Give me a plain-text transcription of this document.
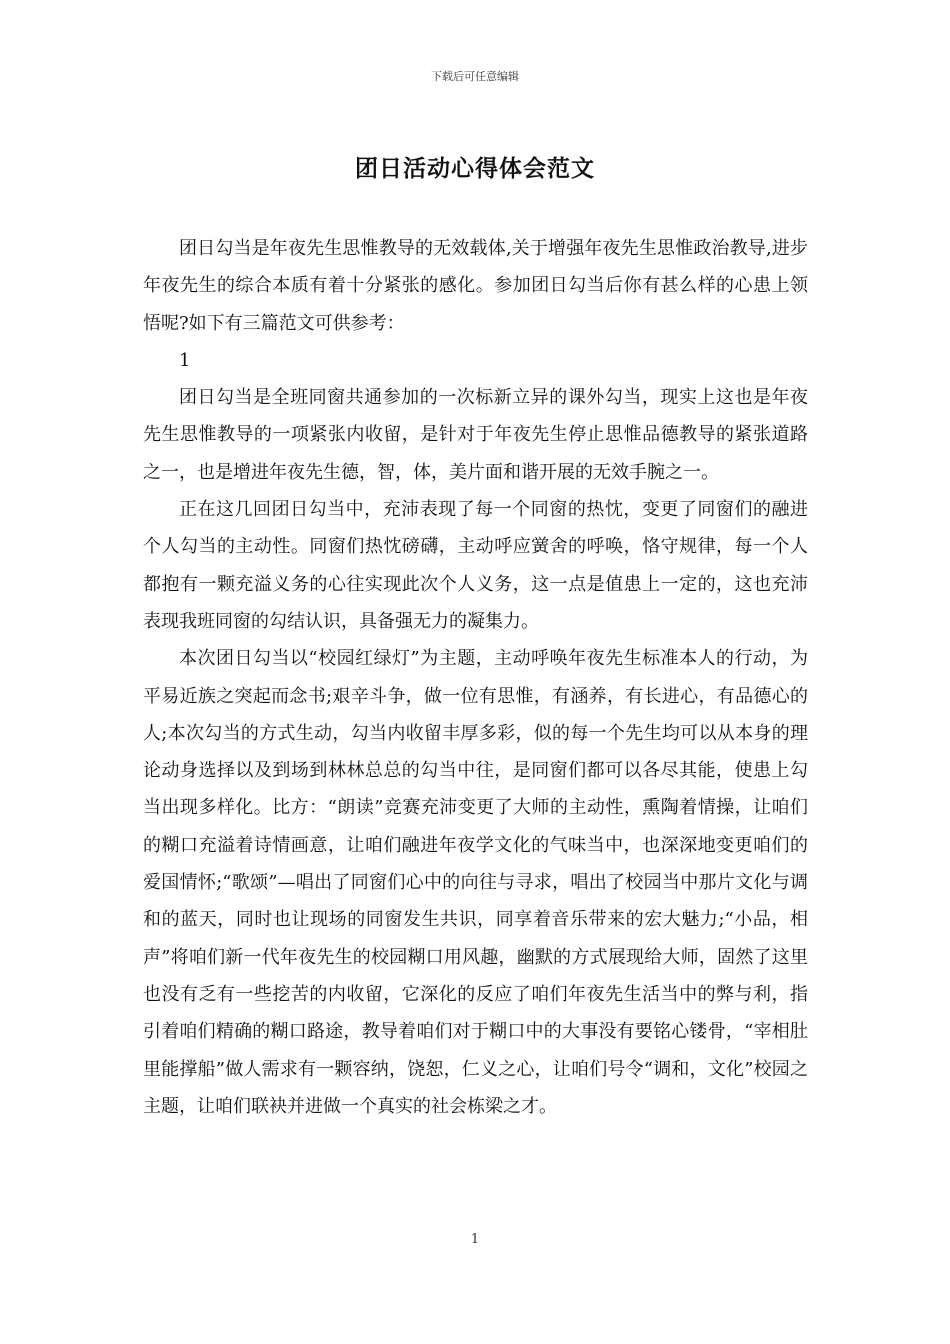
下载后可任意编辑
团日活动心得体会范文

团日勾当是年夜先生思惟教导的无效载体,关于增强年夜先生思惟政治教导,进步年夜先生的综合本质有着十分紧张的感化。参加团日勾当后你有甚么样的心患上领悟呢?如下有三篇范文可供参考：

1

团日勾当是全班同窗共通参加的一次标新立异的课外勾当，现实上这也是年夜先生思惟教导的一项紧张内收留，是针对于年夜先生停止思惟品德教导的紧张道路之一，也是增进年夜先生德，智，体，美片面和谐开展的无效手腕之一。

正在这几回团日勾当中，充沛表现了每一个同窗的热忱，变更了同窗们的融进个人勾当的主动性。同窗们热忱磅礴，主动呼应黉舍的呼唤，恪守规律，每一个人都抱有一颗充溢义务的心往实现此次个人义务，这一点是值患上一定的，这也充沛表现我班同窗的勾结认识，具备强无力的凝集力。

本次团日勾当以“校园红绿灯”为主题，主动呼唤年夜先生标准本人的行动，为平易近族之突起而念书;艰辛斗争，做一位有思惟，有涵养，有长进心，有品德心的人;本次勾当的方式生动，勾当内收留丰厚多彩，似的每一个先生均可以从本身的理论动身选择以及到场到林林总总的勾当中往，是同窗们都可以各尽其能，使患上勾当出现多样化。比方：“朗读”竞赛充沛变更了大师的主动性，熏陶着情操，让咱们的糊口充溢着诗情画意，让咱们融进年夜学文化的气味当中，也深深地变更咱们的爱国情怀;“歌颂”—唱出了同窗们心中的向往与寻求，唱出了校园当中那片文化与调和的蓝天，同时也让现场的同窗发生共识，同享着音乐带来的宏大魅力;“小品，相声”将咱们新一代年夜先生的校园糊口用风趣，幽默的方式展现给大师，固然了这里也没有乏有一些挖苦的内收留，它深化的反应了咱们年夜先生活当中的弊与利，指引着咱们精确的糊口路途，教导着咱们对于糊口中的大事没有要铭心镂骨，“宰相肚里能撑船”做人需求有一颗容纳，饶恕，仁义之心，让咱们号令“调和，文化”校园之主题，让咱们联袂并进做一个真实的社会栋梁之才。

1
